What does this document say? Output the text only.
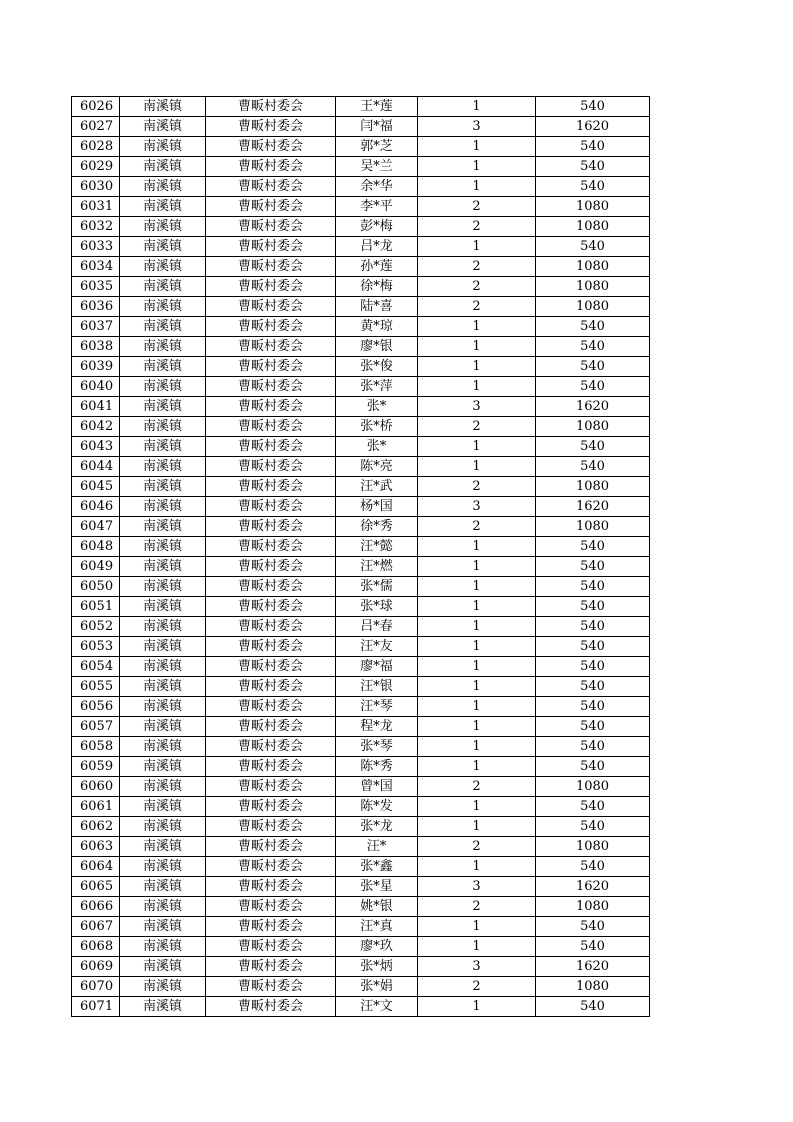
6026	南溪镇	曹畈村委会	王*莲	1	540
6027	南溪镇	曹畈村委会	闫*福	3	1620
6028	南溪镇	曹畈村委会	郭*芝	1	540
6029	南溪镇	曹畈村委会	吴*兰	1	540
6030	南溪镇	曹畈村委会	余*华	1	540
6031	南溪镇	曹畈村委会	李*平	2	1080
6032	南溪镇	曹畈村委会	彭*梅	2	1080
6033	南溪镇	曹畈村委会	吕*龙	1	540
6034	南溪镇	曹畈村委会	孙*莲	2	1080
6035	南溪镇	曹畈村委会	徐*梅	2	1080
6036	南溪镇	曹畈村委会	陆*喜	2	1080
6037	南溪镇	曹畈村委会	黄*琼	1	540
6038	南溪镇	曹畈村委会	廖*银	1	540
6039	南溪镇	曹畈村委会	张*俊	1	540
6040	南溪镇	曹畈村委会	张*萍	1	540
6041	南溪镇	曹畈村委会	张*	3	1620
6042	南溪镇	曹畈村委会	张*桥	2	1080
6043	南溪镇	曹畈村委会	张*	1	540
6044	南溪镇	曹畈村委会	陈*亮	1	540
6045	南溪镇	曹畈村委会	汪*武	2	1080
6046	南溪镇	曹畈村委会	杨*国	3	1620
6047	南溪镇	曹畈村委会	徐*秀	2	1080
6048	南溪镇	曹畈村委会	汪*懿	1	540
6049	南溪镇	曹畈村委会	汪*燃	1	540
6050	南溪镇	曹畈村委会	张*儒	1	540
6051	南溪镇	曹畈村委会	张*球	1	540
6052	南溪镇	曹畈村委会	吕*春	1	540
6053	南溪镇	曹畈村委会	汪*友	1	540
6054	南溪镇	曹畈村委会	廖*福	1	540
6055	南溪镇	曹畈村委会	汪*银	1	540
6056	南溪镇	曹畈村委会	汪*琴	1	540
6057	南溪镇	曹畈村委会	程*龙	1	540
6058	南溪镇	曹畈村委会	张*琴	1	540
6059	南溪镇	曹畈村委会	陈*秀	1	540
6060	南溪镇	曹畈村委会	曾*国	2	1080
6061	南溪镇	曹畈村委会	陈*发	1	540
6062	南溪镇	曹畈村委会	张*龙	1	540
6063	南溪镇	曹畈村委会	汪*	2	1080
6064	南溪镇	曹畈村委会	张*鑫	1	540
6065	南溪镇	曹畈村委会	张*星	3	1620
6066	南溪镇	曹畈村委会	姚*银	2	1080
6067	南溪镇	曹畈村委会	汪*真	1	540
6068	南溪镇	曹畈村委会	廖*玖	1	540
6069	南溪镇	曹畈村委会	张*炳	3	1620
6070	南溪镇	曹畈村委会	张*娟	2	1080
6071	南溪镇	曹畈村委会	汪*文	1	540
